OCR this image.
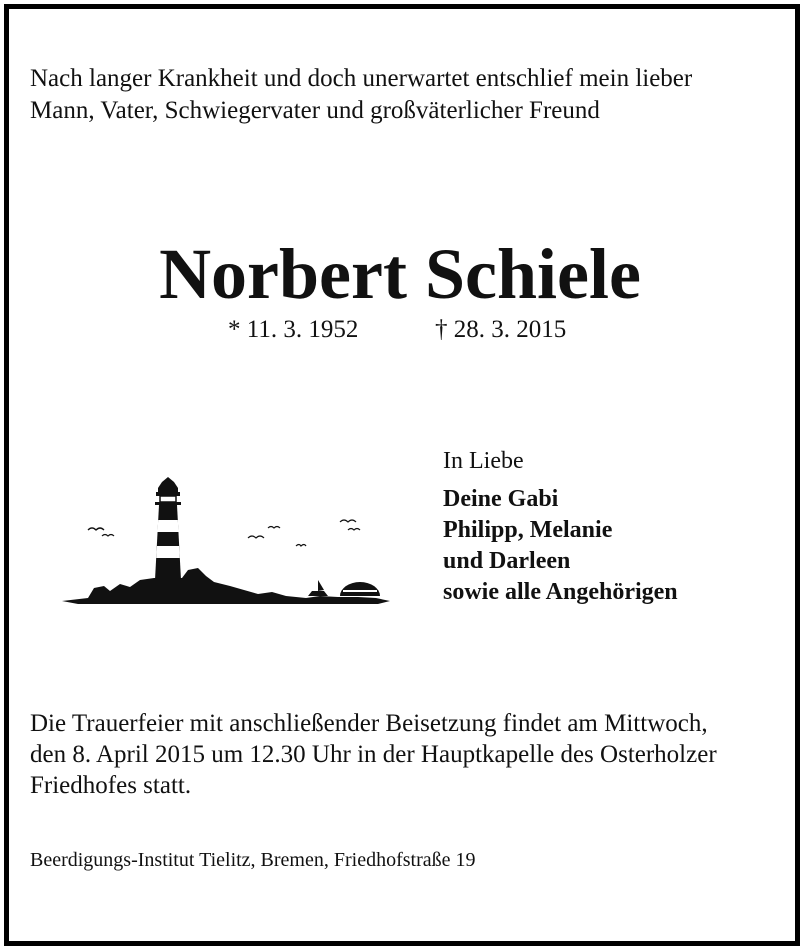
Nach langer Krankheit und doch unerwartet entschlief mein lieber
Mann, Vater, Schwiegervater und großväterlicher Freund
Norbert Schiele
* 11. 3. 1952	† 28. 3. 2015
In Liebe
Deine Gabi
Philipp, Melanie
und Darleen
sowie alle Angehörigen
Die Trauerfeier mit anschließender Beisetzung findet am Mittwoch,
den 8. April 2015 um 12.30 Uhr in der Hauptkapelle des Osterholzer
Friedhofes statt.
Beerdigungs-Institut Tielitz, Bremen, Friedhofstraße 19
